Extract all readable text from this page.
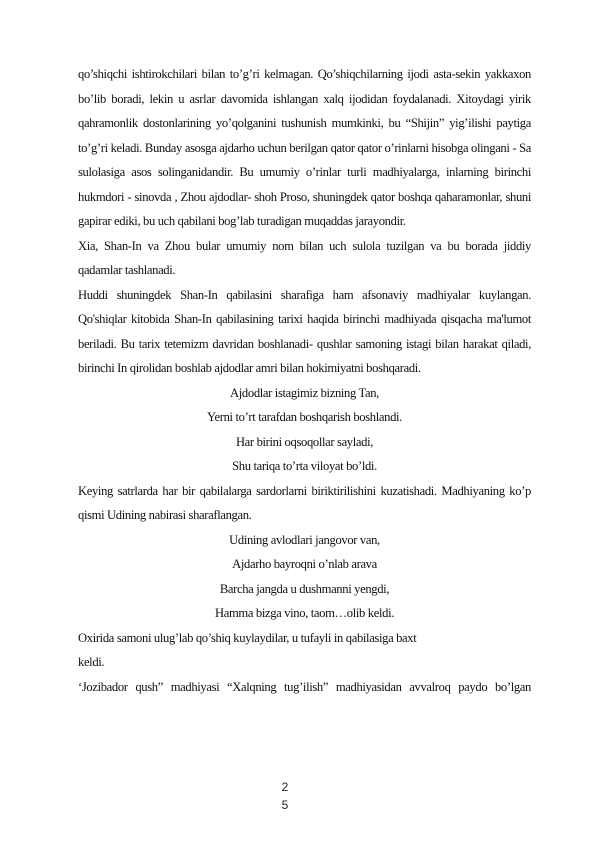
qo’shiqchi ishtirokchilari bilan to’g’ri kelmagan. Qo’shiqchilarning ijodi asta-sekin yakkaxon bo’lib boradi, lekin u asrlar davomida ishlangan xalq ijodidan foydalanadi. Xitoydagi yirik qahramonlik dostonlarining yo’qolganini tushunish mumkinki, bu “Shijin” yig’ilishi paytiga to’g’ri keladi. Bunday asosga ajdarho uchun berilgan qator qator o’rinlarni hisobga olingani - Sa sulolasiga asos solinganidandir. Bu umumiy o’rinlar turli madhiyalarga, inlarning birinchi hukmdori - sinovda , Zhou ajdodlar- shoh Proso, shuningdek qator boshqa qaharamonlar, shuni gapirar ediki, bu uch qabilani bog’lab turadigan muqaddas jarayondir.

Xia, Shan-In va Zhou bular umumiy nom bilan uch sulola tuzilgan va bu borada jiddiy qadamlar tashlanadi.

Huddi shuningdek Shan-In qabilasini sharafiga ham afsonaviy madhiyalar kuylangan. Qo'shiqlar kitobida Shan-In qabilasining tarixi haqida birinchi madhiyada qisqacha ma'lumot beriladi. Bu tarix tetemizm davridan boshlanadi- qushlar samoning istagi bilan harakat qiladi, birinchi In qirolidan boshlab ajdodlar amri bilan hokimiyatni boshqaradi.

Ajdodlar istagimiz bizning Tan,
Yerni to’rt tarafdan boshqarish boshlandi.
Har birini oqsoqollar sayladi,
Shu tariqa to’rta viloyat bo’ldi.

Keying satrlarda har bir qabilalarga sardorlarni biriktirilishini kuzatishadi. Madhiyaning ko’p qismi Udining nabirasi sharaflangan.

Udining avlodlari jangovor van,
Ajdarho bayroqni o’nlab arava
Barcha jangda u dushmanni yengdi,
Hamma bizga vino, taom…olib keldi.

Oxirida samoni ulug’lab qo’shiq kuylaydilar, u tufayli in qabilasiga baxt

keldi.

‘Jozibador qush” madhiyasi “Xalqning tug’ilish” madhiyasidan avvalroq paydo bo’lgan

2
5
